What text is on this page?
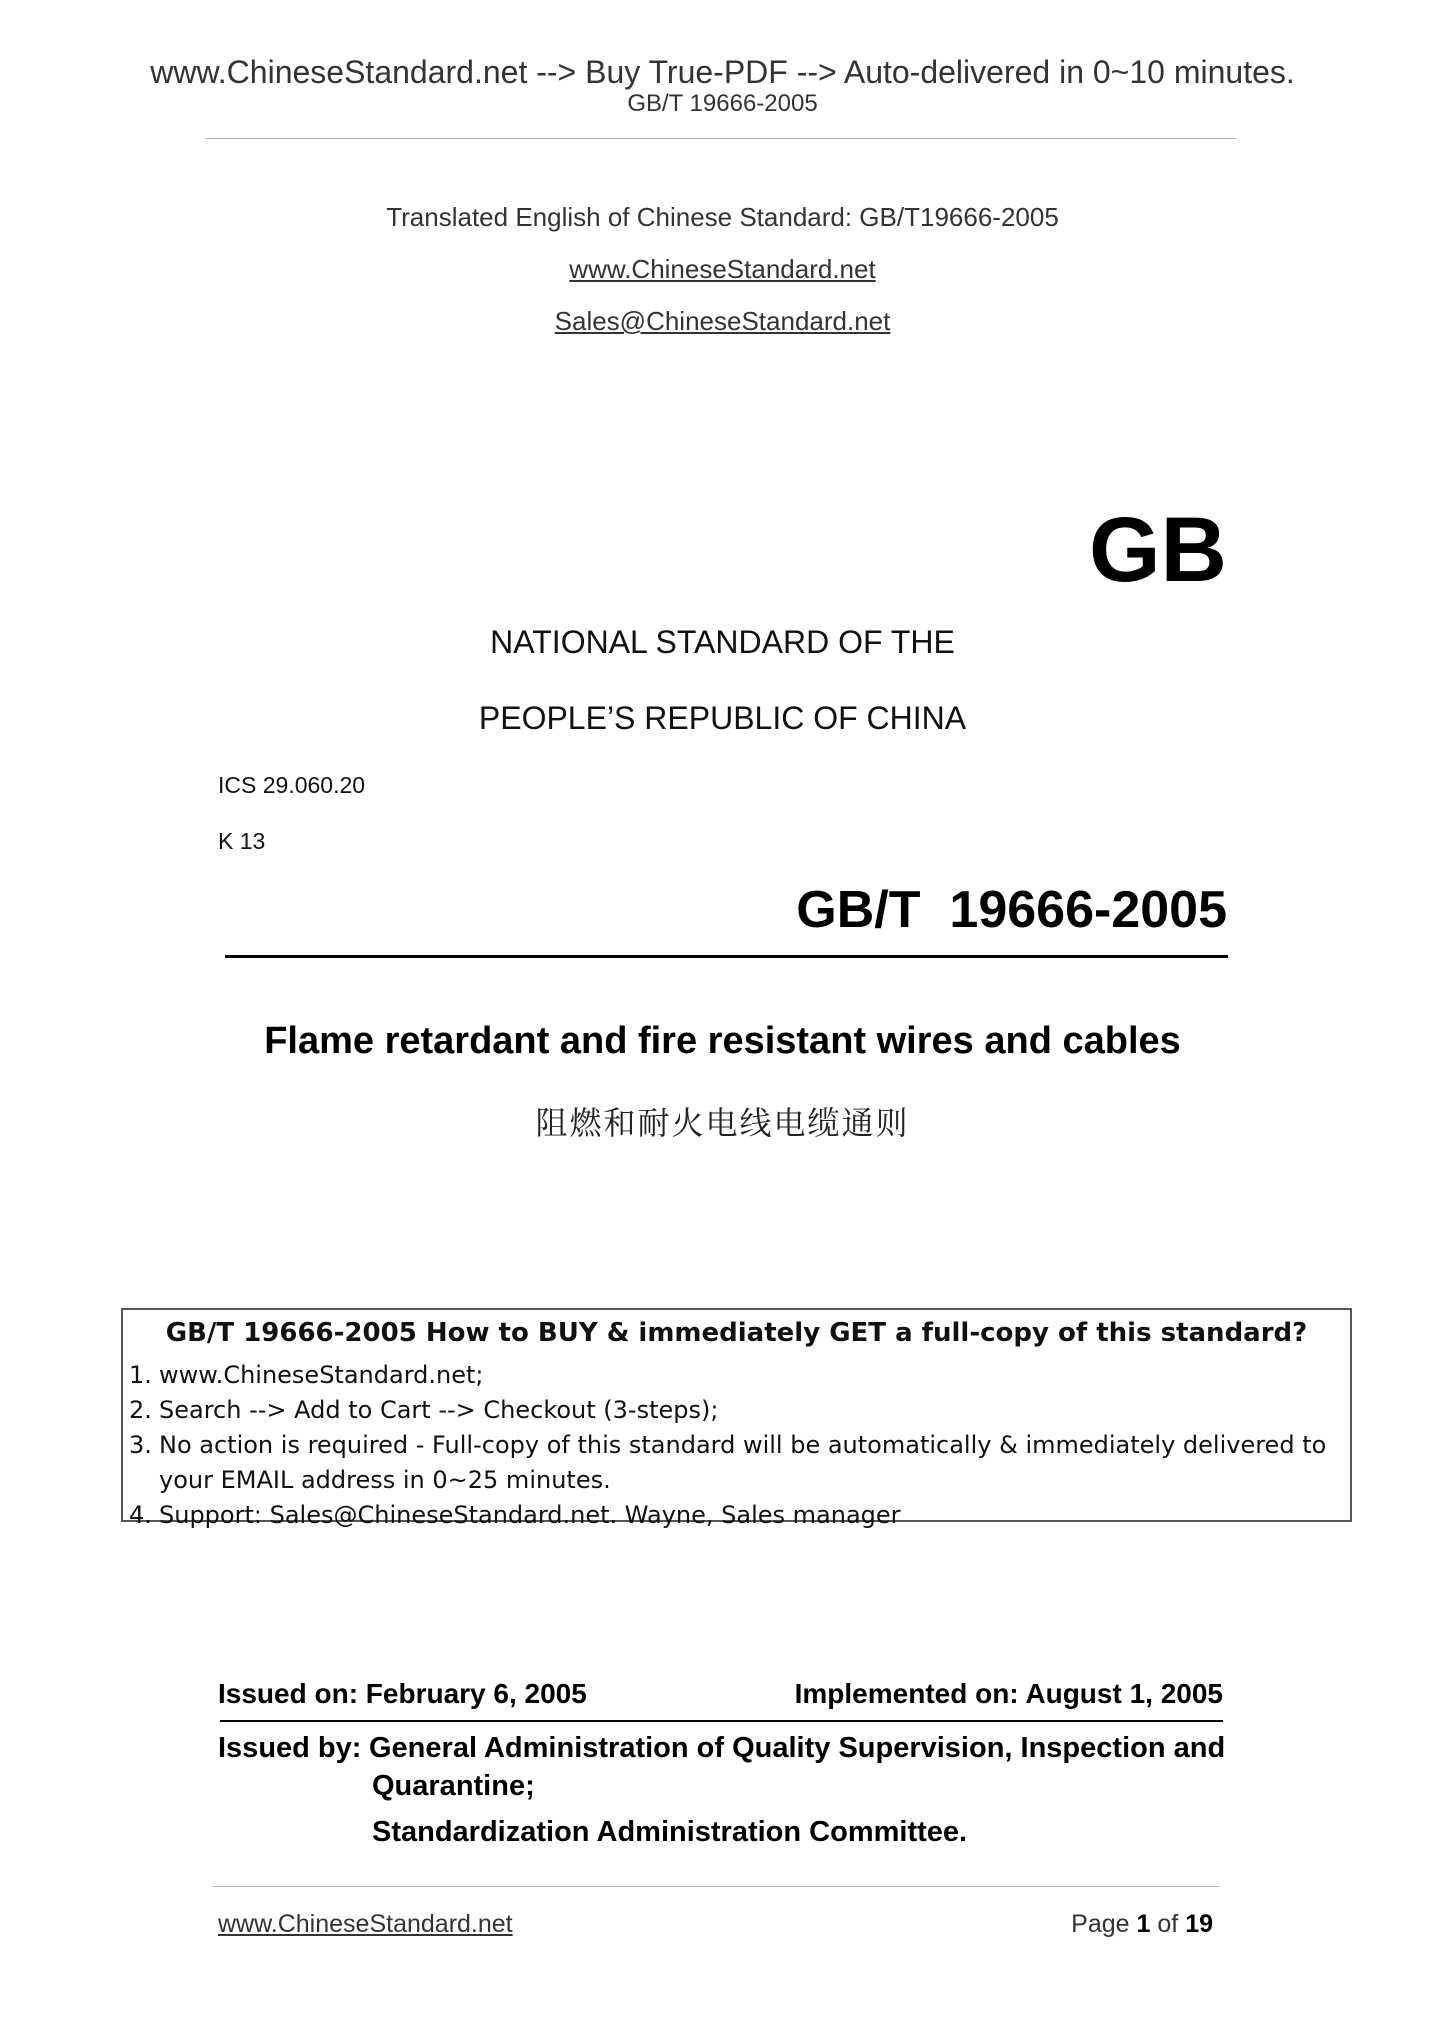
www.ChineseStandard.net --> Buy True-PDF --> Auto-delivered in 0~10 minutes.
GB/T 19666-2005
Translated English of Chinese Standard: GB/T19666-2005
www.ChineseStandard.net
Sales@ChineseStandard.net
GB
NATIONAL STANDARD OF THE
PEOPLE’S REPUBLIC OF CHINA
ICS 29.060.20
K 13
GB/T  19666-2005
Flame retardant and fire resistant wires and cables
阻燃和耐火电线电缆通则
GB/T 19666-2005 How to BUY & immediately GET a full-copy of this standard?
1. www.ChineseStandard.net;
2. Search --> Add to Cart --> Checkout (3-steps);
3. No action is required - Full-copy of this standard will be automatically & immediately delivered to your EMAIL address in 0~25 minutes.
4. Support: Sales@ChineseStandard.net. Wayne, Sales manager
Issued on: February 6, 2005	Implemented on: August 1, 2005
Issued by: General Administration of Quality Supervision, Inspection and
Quarantine;
Standardization Administration Committee.
www.ChineseStandard.net	Page 1 of 19
